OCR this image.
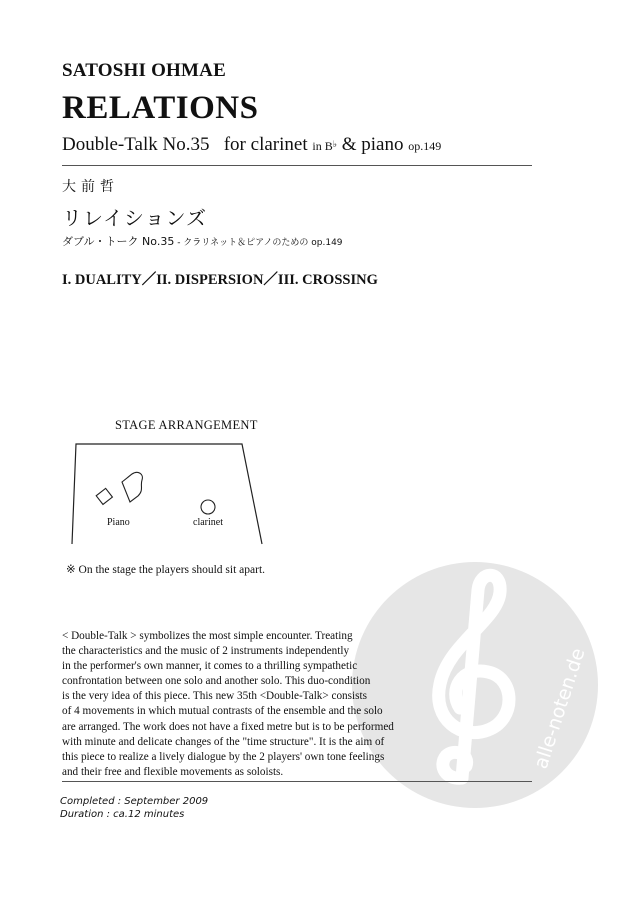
alle-noten.de
SATOSHI OHMAE
RELATIONS
Double-Talk No.35 for clarinet in B♭ & piano op.149
大前哲
リレイションズ
ダブル・トーク No.35 - クラリネット＆ピアノのための op.149
I. DUALITY／II. DISPERSION／III. CROSSING
STAGE ARRANGEMENT
Piano	clarinet
※ On the stage the players should sit apart.
< Double-Talk > symbolizes the most simple encounter. Treating
the characteristics and the music of 2 instruments independently
in the performer's own manner, it comes to a thrilling sympathetic
confrontation between one solo and another solo. This duo-condition
is the very idea of this piece. This new 35th <Double-Talk> consists
of 4 movements in which mutual contrasts of the ensemble and the solo
are arranged. The work does not have a fixed metre but is to be performed
with minute and delicate changes of the "time structure". It is the aim of
this piece to realize a lively dialogue by the 2 players' own tone feelings
and their free and flexible movements as soloists.
Completed : September 2009
Duration : ca.12 minutes
